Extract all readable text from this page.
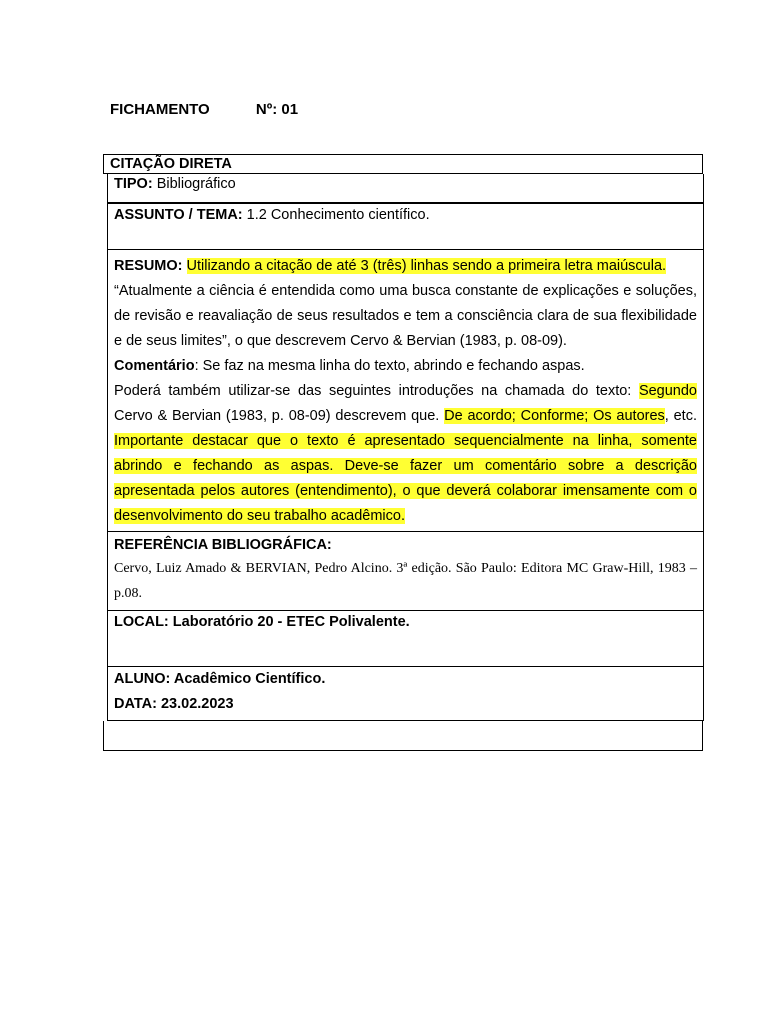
FICHAMENTO	Nº: 01
CITAÇÃO DIRETA
TIPO: Bibliográfico
ASSUNTO / TEMA: 1.2 Conhecimento científico.

RESUMO: Utilizando a citação de até 3 (três) linhas sendo a primeira letra maiúscula.

“Atualmente a ciência é entendida como uma busca constante de explicações e soluções, de revisão e reavaliação de seus resultados e tem a consciência clara de sua flexibilidade e de seus limites”, o que descrevem Cervo & Bervian (1983, p. 08-09).

Comentário: Se faz na mesma linha do texto, abrindo e fechando aspas.

Poderá também utilizar-se das seguintes introduções na chamada do texto: Segundo Cervo & Bervian (1983, p. 08-09) descrevem que. De acordo; Conforme; Os autores, etc. Importante destacar que o texto é apresentado sequencialmente na linha, somente abrindo e fechando as aspas. Deve-se fazer um comentário sobre a descrição apresentada pelos autores (entendimento), o que deverá colaborar imensamente com o desenvolvimento do seu trabalho acadêmico.

REFERÊNCIA BIBLIOGRÁFICA:
Cervo, Luiz Amado & BERVIAN, Pedro Alcino. 3ª edição. São Paulo: Editora MC Graw-Hill, 1983 – p.08.
LOCAL: Laboratório 20 - ETEC Polivalente.
ALUNO: Acadêmico Científico.
DATA: 23.02.2023
